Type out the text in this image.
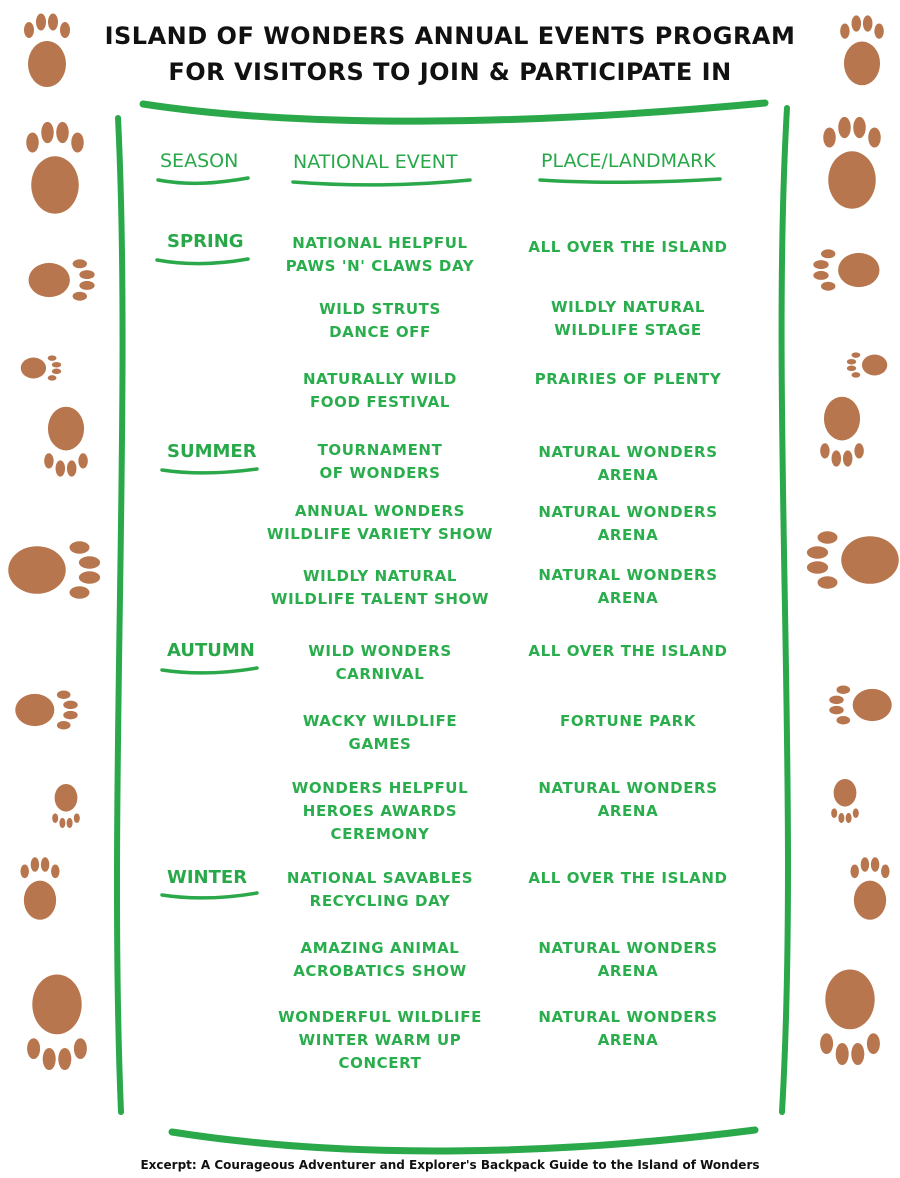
ISLAND OF WONDERS ANNUAL EVENTS PROGRAM
FOR VISITORS TO JOIN & PARTICIPATE IN
SEASON	NATIONAL EVENT	PLACE/LANDMARK
SPRING
SUMMER
AUTUMN
WINTER
NATIONAL HELPFUL
PAWS 'N' CLAWS DAY
ALL OVER THE ISLAND
WILD STRUTS
DANCE OFF
WILDLY NATURAL
WILDLIFE STAGE
NATURALLY WILD
FOOD FESTIVAL
PRAIRIES OF PLENTY
TOURNAMENT
OF WONDERS
NATURAL WONDERS
ARENA
ANNUAL WONDERS
WILDLIFE VARIETY SHOW
NATURAL WONDERS
ARENA
WILDLY NATURAL
WILDLIFE TALENT SHOW
NATURAL WONDERS
ARENA
WILD WONDERS
CARNIVAL
ALL OVER THE ISLAND
WACKY WILDLIFE
GAMES
FORTUNE PARK
WONDERS HELPFUL
HEROES AWARDS
CEREMONY
NATURAL WONDERS
ARENA
NATIONAL SAVABLES
RECYCLING DAY
ALL OVER THE ISLAND
AMAZING ANIMAL
ACROBATICS SHOW
NATURAL WONDERS
ARENA
WONDERFUL WILDLIFE
WINTER WARM UP
CONCERT
NATURAL WONDERS
ARENA
Excerpt: A Courageous Adventurer and Explorer's Backpack Guide to the Island of Wonders
